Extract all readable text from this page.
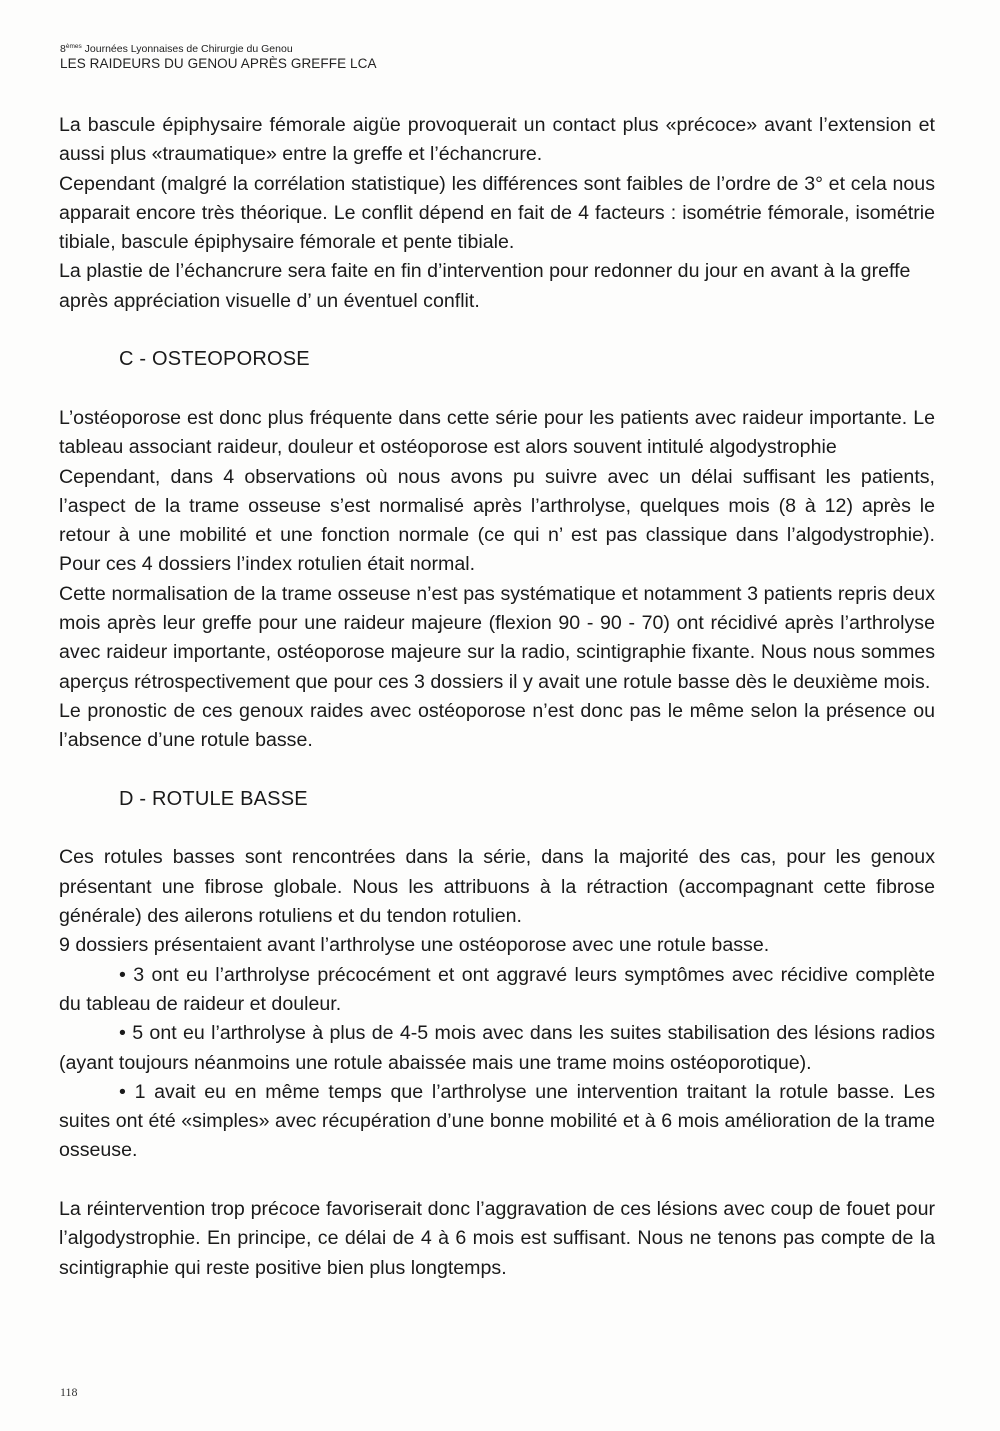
8èmes Journées Lyonnaises de Chirurgie du Genou
LES RAIDEURS DU GENOU APRÈS GREFFE LCA

La bascule épiphysaire fémorale aigüe provoquerait un contact plus «précoce» avant l’extension et aussi plus «traumatique» entre la greffe et l’échancrure.

Cependant (malgré la corrélation statistique) les différences sont faibles de l’ordre de 3° et cela nous apparait encore très théorique. Le conflit dépend en fait de 4 facteurs : isométrie fémorale, isométrie tibiale, bascule épiphysaire fémorale et pente tibiale.

La plastie de l’échancrure sera faite en fin d’intervention pour redonner du jour en avant à la greffe après appréciation visuelle d’ un éventuel conflit.

C - OSTEOPOROSE

L’ostéoporose est donc plus fréquente dans cette série pour les patients avec raideur importante. Le tableau associant raideur, douleur et ostéoporose est alors souvent intitulé algodystrophie

Cependant, dans 4 observations où nous avons pu suivre avec un délai suffisant les patients, l’aspect de la trame osseuse s’est normalisé après l’arthrolyse, quelques mois (8 à 12) après le retour à une mobilité et une fonction normale (ce qui n’ est pas classique dans l’algodystrophie). Pour ces 4 dossiers l’index rotulien était normal.

Cette normalisation de la trame osseuse n’est pas systématique et notamment 3 patients repris deux mois après leur greffe pour une raideur majeure (flexion 90 - 90 - 70) ont récidivé après l’arthrolyse avec raideur importante, ostéoporose majeure sur la radio, scintigraphie fixante. Nous nous sommes aperçus rétrospectivement que pour ces 3 dossiers il y avait une rotule basse dès le deuxième mois.

Le pronostic de ces genoux raides avec ostéoporose n’est donc pas le même selon la présence ou l’absence d’une rotule basse.

D - ROTULE BASSE

Ces rotules basses sont rencontrées dans la série, dans la majorité des cas, pour les genoux présentant une fibrose globale. Nous les attribuons à la rétraction (accompagnant cette fibrose générale) des ailerons rotuliens et du tendon rotulien.

9 dossiers présentaient avant l’arthrolyse une ostéoporose avec une rotule basse.

• 3 ont eu l’arthrolyse précocément et ont aggravé leurs symptômes avec récidive complète du tableau de raideur et douleur.

• 5 ont eu l’arthrolyse à plus de 4-5 mois avec dans les suites stabilisation des lésions radios (ayant toujours néanmoins une rotule abaissée mais une trame moins ostéoporotique).

• 1 avait eu en même temps que l’arthrolyse une intervention traitant la rotule basse. Les suites ont été «simples» avec récupération d’une bonne mobilité et à 6 mois amélioration de la trame osseuse.

La réintervention trop précoce favoriserait donc l’aggravation de ces lésions avec coup de fouet pour l’algodystrophie. En principe, ce délai de 4 à 6 mois est suffisant. Nous ne tenons pas compte de la scintigraphie qui reste positive bien plus longtemps.

118
